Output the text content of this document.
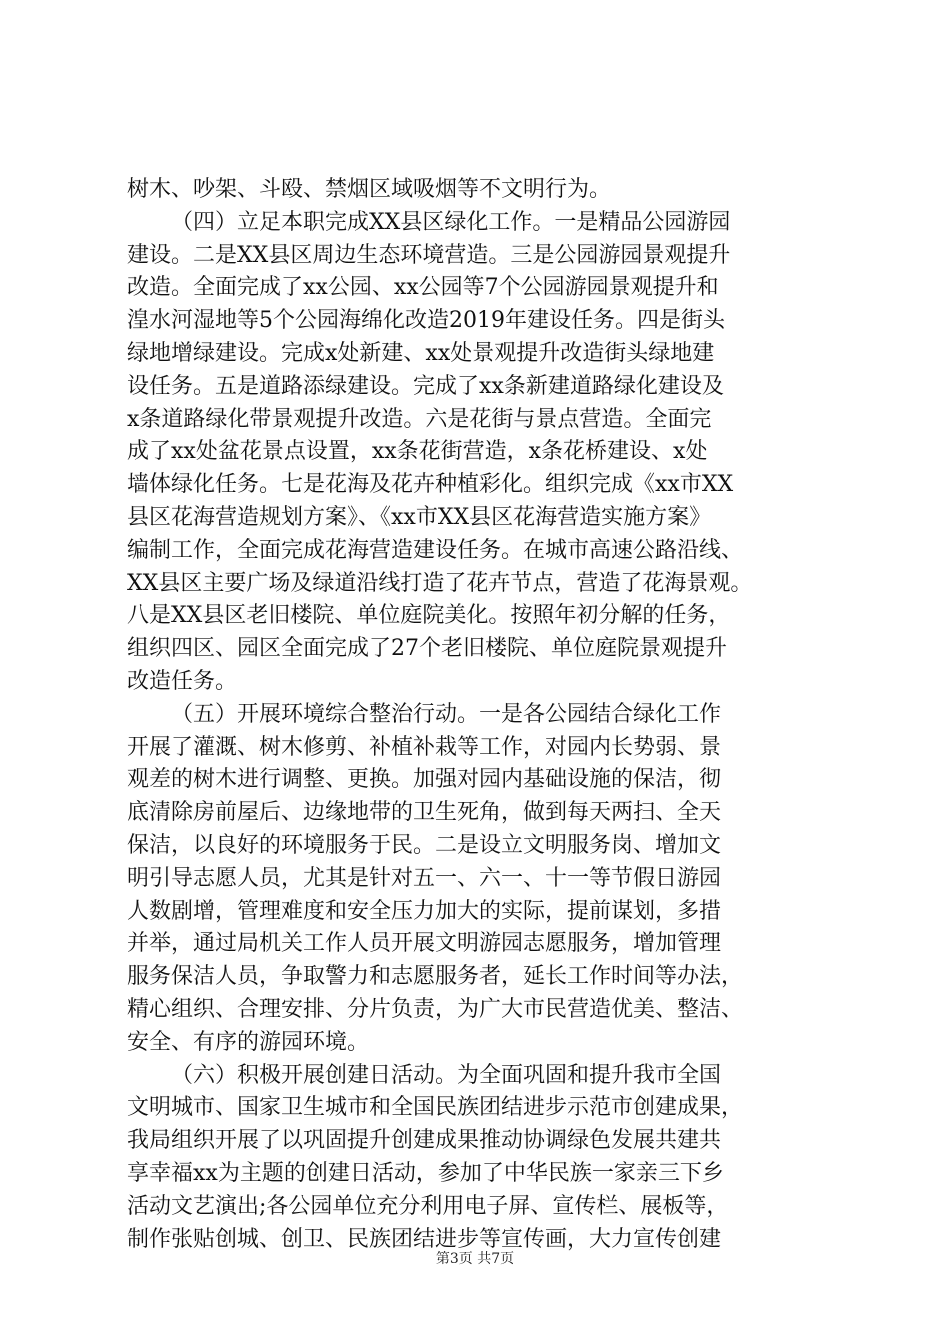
树木、吵架、斗殴、禁烟区域吸烟等不文明行为。
（四）立足本职完成XX县区绿化工作。一是精品公园游园
建设。二是XX县区周边生态环境营造。三是公园游园景观提升
改造。全面完成了xx公园、xx公园等7个公园游园景观提升和
湟水河湿地等5个公园海绵化改造2019年建设任务。四是街头
绿地增绿建设。完成x处新建、xx处景观提升改造街头绿地建
设任务。五是道路添绿建设。完成了xx条新建道路绿化建设及
x条道路绿化带景观提升改造。六是花街与景点营造。全面完
成了xx处盆花景点设置，xx条花街营造，x条花桥建设、x处
墙体绿化任务。七是花海及花卉种植彩化。组织完成《xx市XX
县区花海营造规划方案》、《xx市XX县区花海营造实施方案》
编制工作，全面完成花海营造建设任务。在城市高速公路沿线、
XX县区主要广场及绿道沿线打造了花卉节点，营造了花海景观。
八是XX县区老旧楼院、单位庭院美化。按照年初分解的任务，
组织四区、园区全面完成了27个老旧楼院、单位庭院景观提升
改造任务。
（五）开展环境综合整治行动。一是各公园结合绿化工作
开展了灌溉、树木修剪、补植补栽等工作，对园内长势弱、景
观差的树木进行调整、更换。加强对园内基础设施的保洁，彻
底清除房前屋后、边缘地带的卫生死角，做到每天两扫、全天
保洁，以良好的环境服务于民。二是设立文明服务岗、增加文
明引导志愿人员，尤其是针对五一、六一、十一等节假日游园
人数剧增，管理难度和安全压力加大的实际，提前谋划，多措
并举，通过局机关工作人员开展文明游园志愿服务，增加管理
服务保洁人员，争取警力和志愿服务者，延长工作时间等办法，
精心组织、合理安排、分片负责，为广大市民营造优美、整洁、
安全、有序的游园环境。
（六）积极开展创建日活动。为全面巩固和提升我市全国
文明城市、国家卫生城市和全国民族团结进步示范市创建成果，
我局组织开展了以巩固提升创建成果推动协调绿色发展共建共
享幸福xx为主题的创建日活动，参加了中华民族一家亲三下乡
活动文艺演出;各公园单位充分利用电子屏、宣传栏、展板等，
制作张贴创城、创卫、民族团结进步等宣传画，大力宣传创建
第3页 共7页
